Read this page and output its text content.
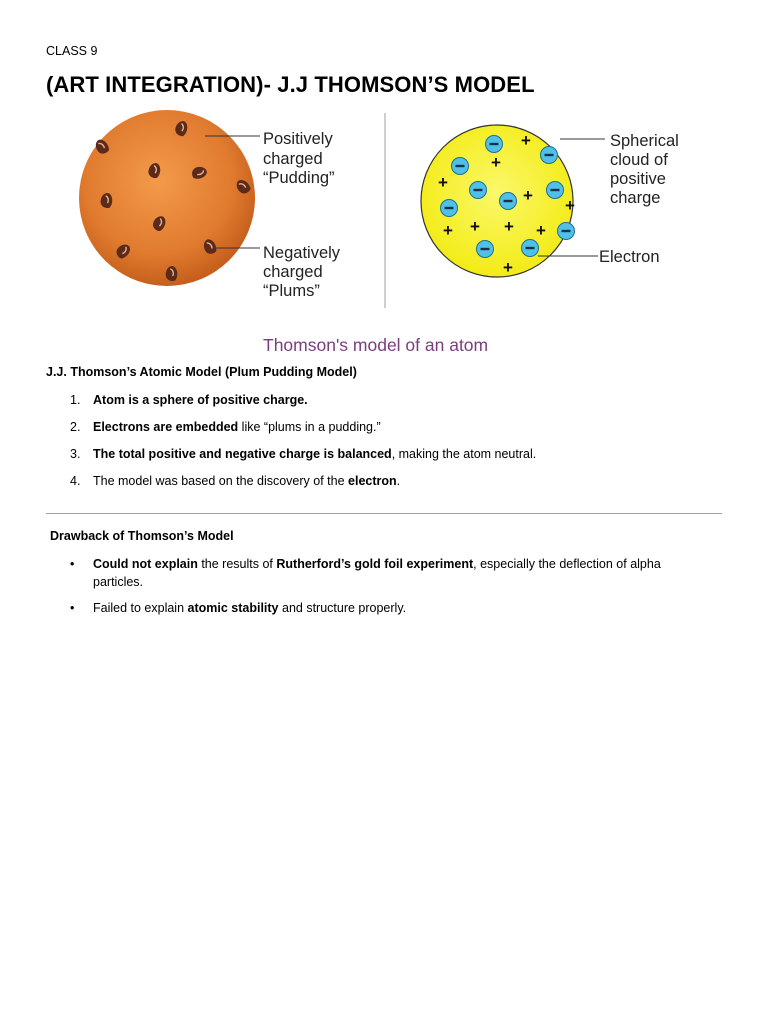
CLASS 9
(ART INTEGRATION)- J.J THOMSON’S MODEL
Positively
charged
“Pudding”
Negatively
charged
“Plums”
+
+
+
+
+
+ + + +
+
Spherical
cloud of
positive
charge
Electron
Thomson's model of an atom
J.J. Thomson’s Atomic Model (Plum Pudding Model)
1. Atom is a sphere of positive charge.
2. Electrons are embedded like “plums in a pudding.”
3. The total positive and negative charge is balanced, making the atom neutral.
4. The model was based on the discovery of the electron.
Drawback of Thomson’s Model
• Could not explain the results of Rutherford’s gold foil experiment, especially the deflection of alpha particles.
• Failed to explain atomic stability and structure properly.
